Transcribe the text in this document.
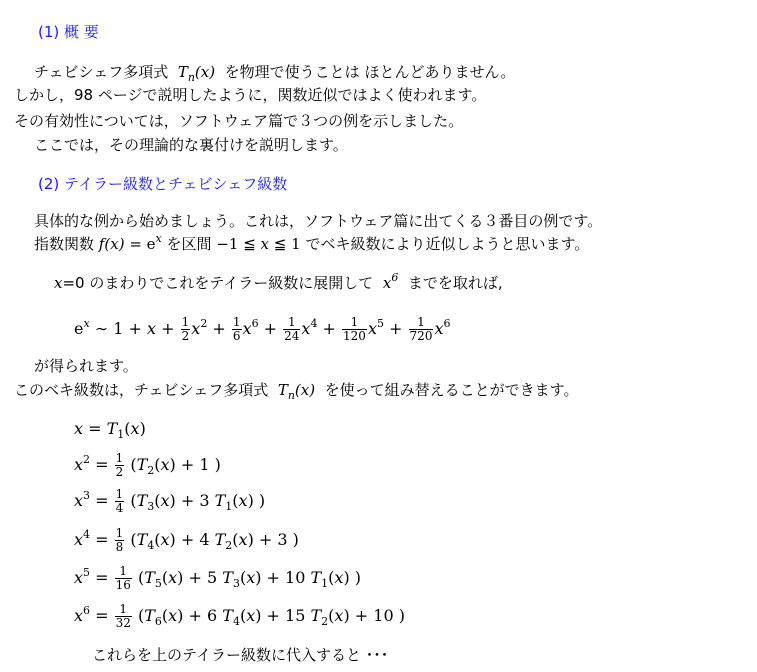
(1) 概 要
チェビシェフ多項式  $T_n(x)$ を物理で使うことは ほとんどありません。
しかし，98 ページで説明したように，関数近似ではよく使われます。
その有効性については，ソフトウェア篇で３つの例を示しました。
ここでは，その理論的な裏付けを説明します。
(2) テイラー級数とチェビシェフ級数
具体的な例から始めましょう。これは，ソフトウェア篇に出てくる３番目の例です。
指数関数 $f(x) = e^x$ を区間 −1 ≦ x ≦ 1 でベキ級数により近似しようと思います。
x=0 のまわりでこれをテイラー級数に展開して  $x^6$ までを取れば,
$e^x$ ∼ $1 + x + \frac{1}{2} x^2 + \frac{1}{6} x^6 + \frac{1}{24} x^4 + \frac{1}{120} x^5 + \frac{1}{720} x^6$
が得られます。
このベキ級数は，チェビシェフ多項式  $T_n(x)$ を使って組み替えることができます。
$x = T_1(x)$
$x^2 = \frac{1}{2} (T_2(x) + 1$ )
$x^3 = \frac{1}{4} (T_3(x) + 3$ $T_1(x)$ )
$x^4 = \frac{1}{8} (T_4(x) + 4$ $T_2(x) + 3$ )
$x^5 = \frac{1}{16} (T_5(x) + 5$ $T_3(x) + 10$ $T_1(x)$ )
$x^6 = \frac{1}{32} (T_6(x) + 6$ $T_4(x) + 15$ $T_2(x) + 10$ )
これらを上のテイラー級数に代入すると ･･･
